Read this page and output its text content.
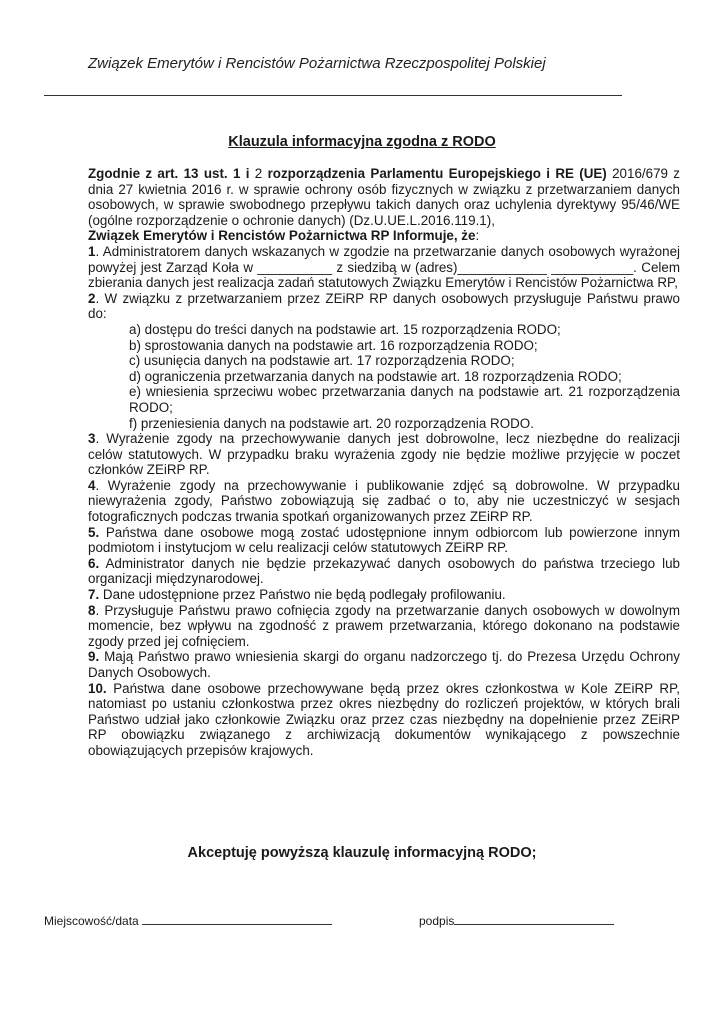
Związek Emerytów i Rencistów Pożarnictwa Rzeczpospolitej Polskiej
Klauzula informacyjna zgodna z RODO

Zgodnie z art. 13 ust. 1 i 2 rozporządzenia Parlamentu Europejskiego i RE (UE) 2016/679 z dnia 27 kwietnia 2016 r. w sprawie ochrony osób fizycznych w związku z przetwarzaniem danych osobowych, w sprawie swobodnego przepływu takich danych oraz uchylenia dyrektywy 95/46/WE (ogólne rozporządzenie o ochronie danych) (Dz.U.UE.L.2016.119.1),

Związek Emerytów i Rencistów Pożarnictwa RP Informuje, że:

1. Administratorem danych wskazanych w zgodzie na przetwarzanie danych osobowych wyrażonej powyżej jest Zarząd Koła w __________ z siedzibą w (adres)____________ ___________. Celem zbierania danych jest realizacja zadań statutowych Związku Emerytów i Rencistów Pożarnictwa RP,

2. W związku z przetwarzaniem przez ZEiRP RP danych osobowych przysługuje Państwu prawo do:

a) dostępu do treści danych na podstawie art. 15 rozporządzenia RODO;

b) sprostowania danych na podstawie art. 16 rozporządzenia RODO;

c) usunięcia danych na podstawie art. 17 rozporządzenia RODO;

d) ograniczenia przetwarzania danych na podstawie art. 18 rozporządzenia RODO;

e) wniesienia sprzeciwu wobec przetwarzania danych na podstawie art. 21 rozporządzenia RODO;

f) przeniesienia danych na podstawie art. 20 rozporządzenia RODO.

3. Wyrażenie zgody na przechowywanie danych jest dobrowolne, lecz niezbędne do realizacji celów statutowych. W przypadku braku wyrażenia zgody nie będzie możliwe przyjęcie w poczet członków ZEiRP RP.

4. Wyrażenie zgody na przechowywanie i publikowanie zdjęć są dobrowolne. W przypadku niewyrażenia zgody, Państwo zobowiązują się zadbać o to, aby nie uczestniczyć w sesjach fotograficznych podczas trwania spotkań organizowanych przez ZEiRP RP.

5. Państwa dane osobowe mogą zostać udostępnione innym odbiorcom lub powierzone innym podmiotom i instytucjom w celu realizacji celów statutowych ZEiRP RP.

6. Administrator danych nie będzie przekazywać danych osobowych do państwa trzeciego lub organizacji międzynarodowej.

7. Dane udostępnione przez Państwo nie będą podlegały profilowaniu.

8. Przysługuje Państwu prawo cofnięcia zgody na przetwarzanie danych osobowych w dowolnym momencie, bez wpływu na zgodność z prawem przetwarzania, którego dokonano na podstawie zgody przed jej cofnięciem.

9. Mają Państwo prawo wniesienia skargi do organu nadzorczego tj. do Prezesa Urzędu Ochrony Danych Osobowych.

10. Państwa dane osobowe przechowywane będą przez okres członkostwa w Kole ZEiRP RP, natomiast po ustaniu członkostwa przez okres niezbędny do rozliczeń projektów, w których brali Państwo udział jako członkowie Związku oraz przez czas niezbędny na dopełnienie przez ZEiRP RP obowiązku związanego z archiwizacją dokumentów wynikającego z powszechnie obowiązujących przepisów krajowych.

Akceptuję powyższą klauzulę informacyjną RODO;
Miejscowość/data	podpis
